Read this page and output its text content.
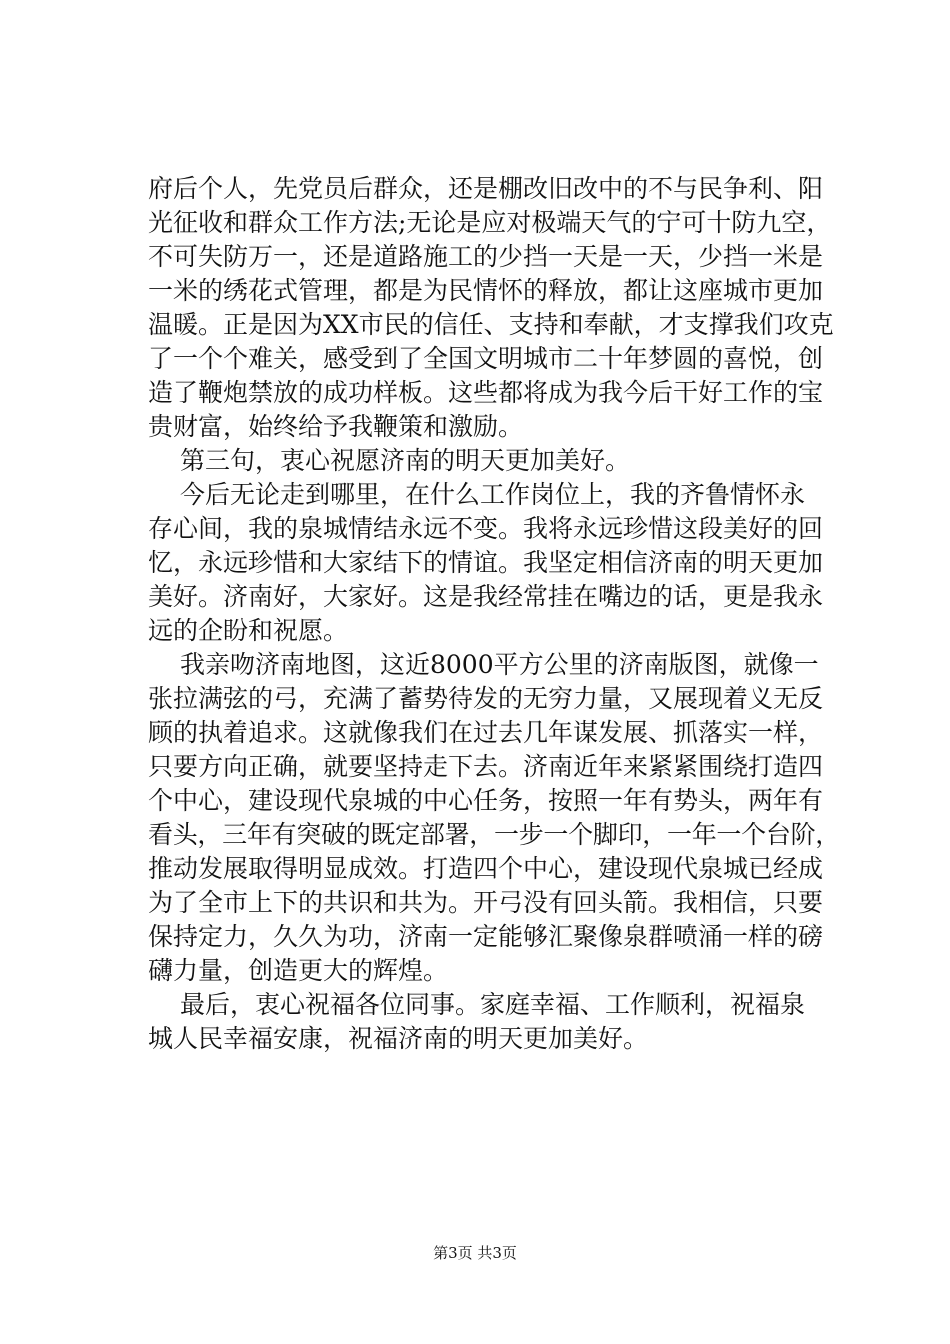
府后个人，先党员后群众，还是棚改旧改中的不与民争利、阳
光征收和群众工作方法;无论是应对极端天气的宁可十防九空，
不可失防万一，还是道路施工的少挡一天是一天，少挡一米是
一米的绣花式管理，都是为民情怀的释放，都让这座城市更加
温暖。正是因为XX市民的信任、支持和奉献，才支撑我们攻克
了一个个难关，感受到了全国文明城市二十年梦圆的喜悦，创
造了鞭炮禁放的成功样板。这些都将成为我今后干好工作的宝
贵财富，始终给予我鞭策和激励。
第三句，衷心祝愿济南的明天更加美好。
今后无论走到哪里，在什么工作岗位上，我的齐鲁情怀永
存心间，我的泉城情结永远不变。我将永远珍惜这段美好的回
忆，永远珍惜和大家结下的情谊。我坚定相信济南的明天更加
美好。济南好，大家好。这是我经常挂在嘴边的话，更是我永
远的企盼和祝愿。
我亲吻济南地图，这近8000平方公里的济南版图，就像一
张拉满弦的弓，充满了蓄势待发的无穷力量，又展现着义无反
顾的执着追求。这就像我们在过去几年谋发展、抓落实一样，
只要方向正确，就要坚持走下去。济南近年来紧紧围绕打造四
个中心，建设现代泉城的中心任务，按照一年有势头，两年有
看头，三年有突破的既定部署，一步一个脚印，一年一个台阶，
推动发展取得明显成效。打造四个中心，建设现代泉城已经成
为了全市上下的共识和共为。开弓没有回头箭。我相信，只要
保持定力，久久为功，济南一定能够汇聚像泉群喷涌一样的磅
礴力量，创造更大的辉煌。
最后，衷心祝福各位同事。家庭幸福、工作顺利，祝福泉
城人民幸福安康，祝福济南的明天更加美好。
第3页 共3页
